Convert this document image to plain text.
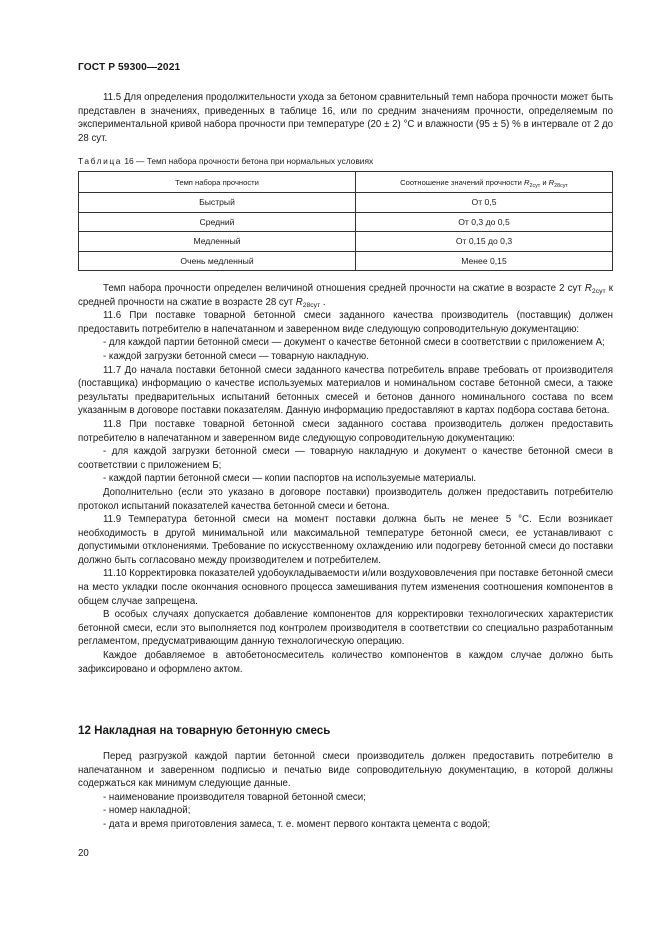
ГОСТ Р 59300—2021

11.5 Для определения продолжительности ухода за бетоном сравнительный темп набора прочности может быть представлен в значениях, приведенных в таблице 16, или по средним значениям прочности, определяемым по экспериментальной кривой набора прочности при температуре (20 ± 2) °С и влажности (95 ± 5) % в интервале от 2 до 28 сут.

Таблица 16 — Темп набора прочности бетона при нормальных условиях
Темп набора прочности	Соотношение значений прочности $R_{2сут}$ и $R_{28сут}$
Быстрый	От 0,5
Средний	От 0,3 до 0,5
Медленный	От 0,15 до 0,3
Очень медленный	Менее 0,15

Темп набора прочности определен величиной отношения средней прочности на сжатие в возрасте 2 сут $R_{2сут}$ к средней прочности на сжатие в возрасте 28 сут $R_{28сут}$ .

11.6 При поставке товарной бетонной смеси заданного качества производитель (поставщик) должен предоставить потребителю в напечатанном и заверенном виде следующую сопроводительную документацию:

- для каждой партии бетонной смеси — документ о качестве бетонной смеси в соответствии с приложением А;

- каждой загрузки бетонной смеси — товарную накладную.

11.7 До начала поставки бетонной смеси заданного качества потребитель вправе требовать от производителя (поставщика) информацию о качестве используемых материалов и номинальном составе бетонной смеси, а также результаты предварительных испытаний бетонных смесей и бетонов данного номинального состава по всем указанным в договоре поставки показателям. Данную информацию предоставляют в картах подбора состава бетона.

11.8 При поставке товарной бетонной смеси заданного состава производитель должен предоставить потребителю в напечатанном и заверенном виде следующую сопроводительную документацию:

- для каждой загрузки бетонной смеси — товарную накладную и документ о качестве бетонной смеси в соответствии с приложением Б;

- каждой партии бетонной смеси — копии паспортов на используемые материалы.

Дополнительно (если это указано в договоре поставки) производитель должен предоставить потребителю протокол испытаний показателей качества бетонной смеси и бетона.

11.9 Температура бетонной смеси на момент поставки должна быть не менее 5 °С. Если возникает необходимость в другой минимальной или максимальной температуре бетонной смеси, ее устанавливают с допустимыми отклонениями. Требование по искусственному охлаждению или подогреву бетонной смеси до поставки должно быть согласовано между производителем и потребителем.

11.10 Корректировка показателей удобоукладываемости и/или воздухововлечения при поставке бетонной смеси на место укладки после окончания основного процесса замешивания путем изменения соотношения компонентов в общем случае запрещена.

В особых случаях допускается добавление компонентов для корректировки технологических характеристик бетонной смеси, если это выполняется под контролем производителя в соответствии со специально разработанным регламентом, предусматривающим данную технологическую операцию.

Каждое добавляемое в автобетоносмеситель количество компонентов в каждом случае должно быть зафиксировано и оформлено актом.

12 Накладная на товарную бетонную смесь

Перед разгрузкой каждой партии бетонной смеси производитель должен предоставить потребителю в напечатанном и заверенном подписью и печатью виде сопроводительную документацию, в которой должны содержаться как минимум следующие данные.

- наименование производителя товарной бетонной смеси;

- номер накладной;

- дата и время приготовления замеса, т. е. момент первого контакта цемента с водой;

20
